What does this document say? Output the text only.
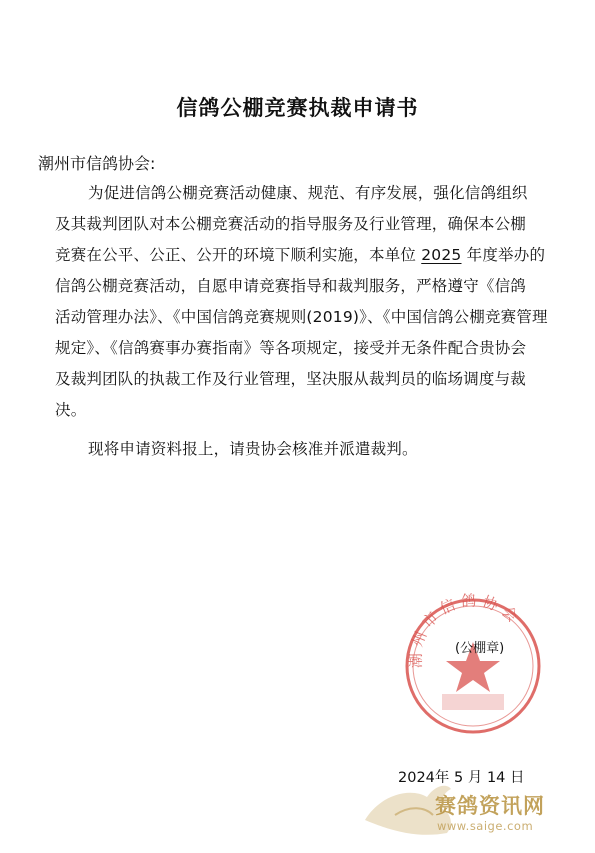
信鸽公棚竞赛执裁申请书
潮州市信鸽协会:
为促进信鸽公棚竞赛活动健康、规范、有序发展，强化信鸽组织
及其裁判团队对本公棚竞赛活动的指导服务及行业管理，确保本公棚
竞赛在公平、公正、公开的环境下顺利实施，本单位 2025 年度举办的
信鸽公棚竞赛活动，自愿申请竞赛指导和裁判服务，严格遵守《信鸽
活动管理办法》、《中国信鸽竞赛规则(2019)》、《中国信鸽公棚竞赛管理
规定》、《信鸽赛事办赛指南》等各项规定，接受并无条件配合贵协会
及裁判团队的执裁工作及行业管理，坚决服从裁判员的临场调度与裁
决。
现将申请资料报上，请贵协会核准并派遣裁判。
潮州市信鸽协会
(公棚章)
2024年 5 月 14 日
赛鸽资讯网
www.saige.com
